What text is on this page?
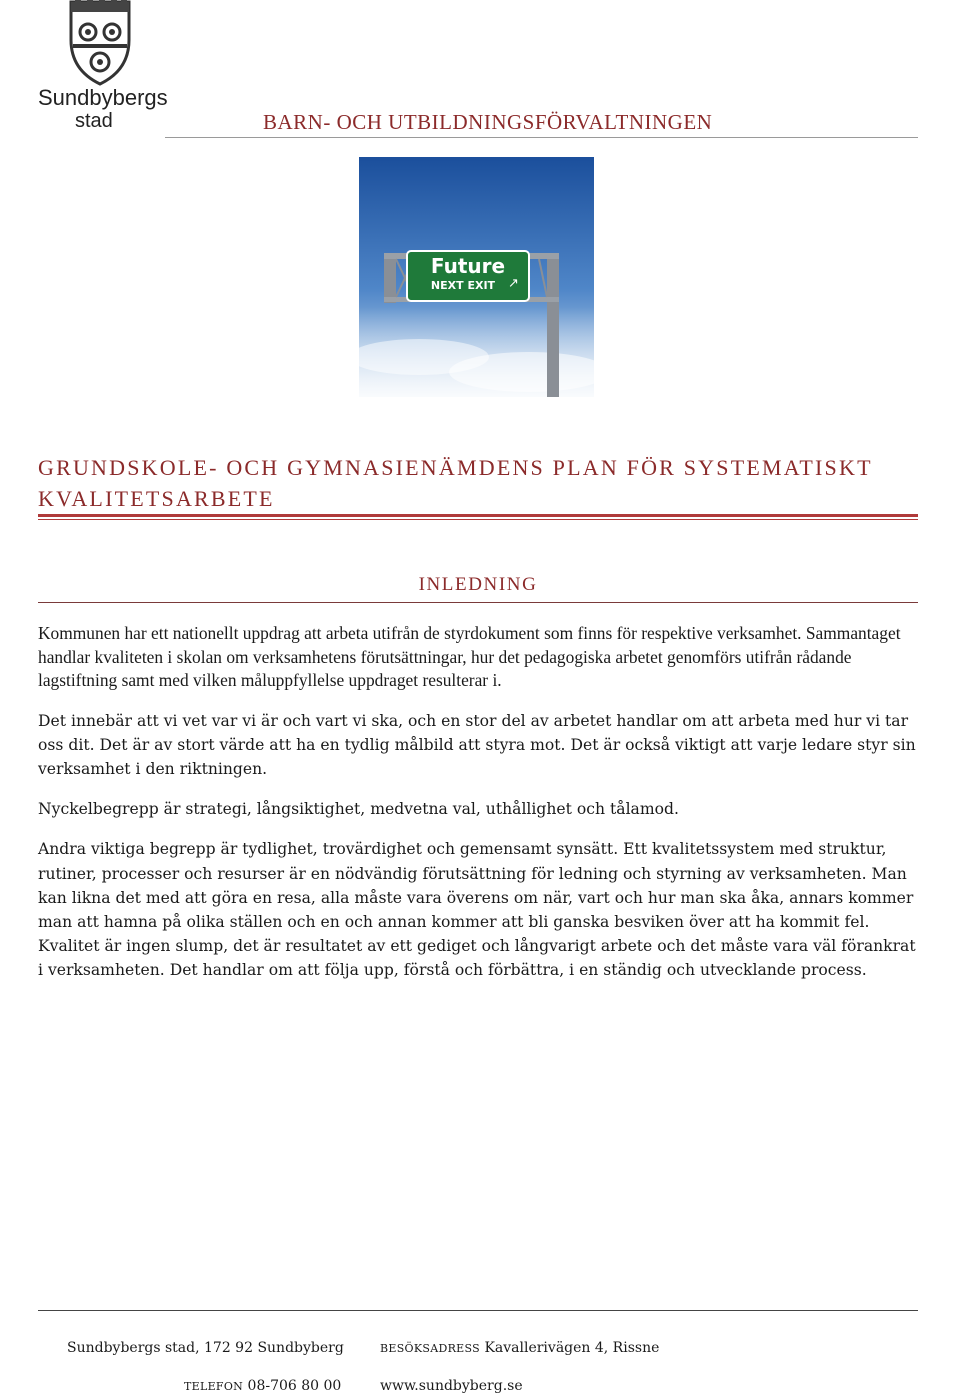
Sundbybergs
stad	BARN- OCH UTBILDNINGSFÖRVALTNINGEN
Future
NEXT EXIT ↗
GRUNDSKOLE- OCH GYMNASIENÄMDENS PLAN FÖR SYSTEMATISKT
KVALITETSARBETE
INLEDNING

Kommunen har ett nationellt uppdrag att arbeta utifrån de styrdokument som finns för respektive verksamhet. Sammantaget handlar kvaliteten i skolan om verksamhetens förutsättningar, hur det pedagogiska arbetet genomförs utifrån rådande lagstiftning samt med vilken måluppfyllelse uppdraget resulterar i.

Det innebär att vi vet var vi är och vart vi ska, och en stor del av arbetet handlar om att arbeta med hur vi tar oss dit. Det är av stort värde att ha en tydlig målbild att styra mot. Det är också viktigt att varje ledare styr sin verksamhet i den riktningen.

Nyckelbegrepp är strategi, långsiktighet, medvetna val, uthållighet och tålamod.

Andra viktiga begrepp är tydlighet, trovärdighet och gemensamt synsätt. Ett kvalitetssystem med struktur, rutiner, processer och resurser är en nödvändig förutsättning för ledning och styrning av verksamheten. Man kan likna det med att göra en resa, alla måste vara överens om när, vart och hur man ska åka, annars kommer man att hamna på olika ställen och en och annan kommer att bli ganska besviken över att ha kommit fel. Kvalitet är ingen slump, det är resultatet av ett gediget och långvarigt arbete och det måste vara väl förankrat i verksamheten. Det handlar om att följa upp, förstå och förbättra, i en ständig och utvecklande process.

Sundbybergs stad, 172 92 Sundbyberg	BESÖKSADRESS Kavallerivägen 4, Rissne
TELEFON 08-706 80 00	www.sundbyberg.se
